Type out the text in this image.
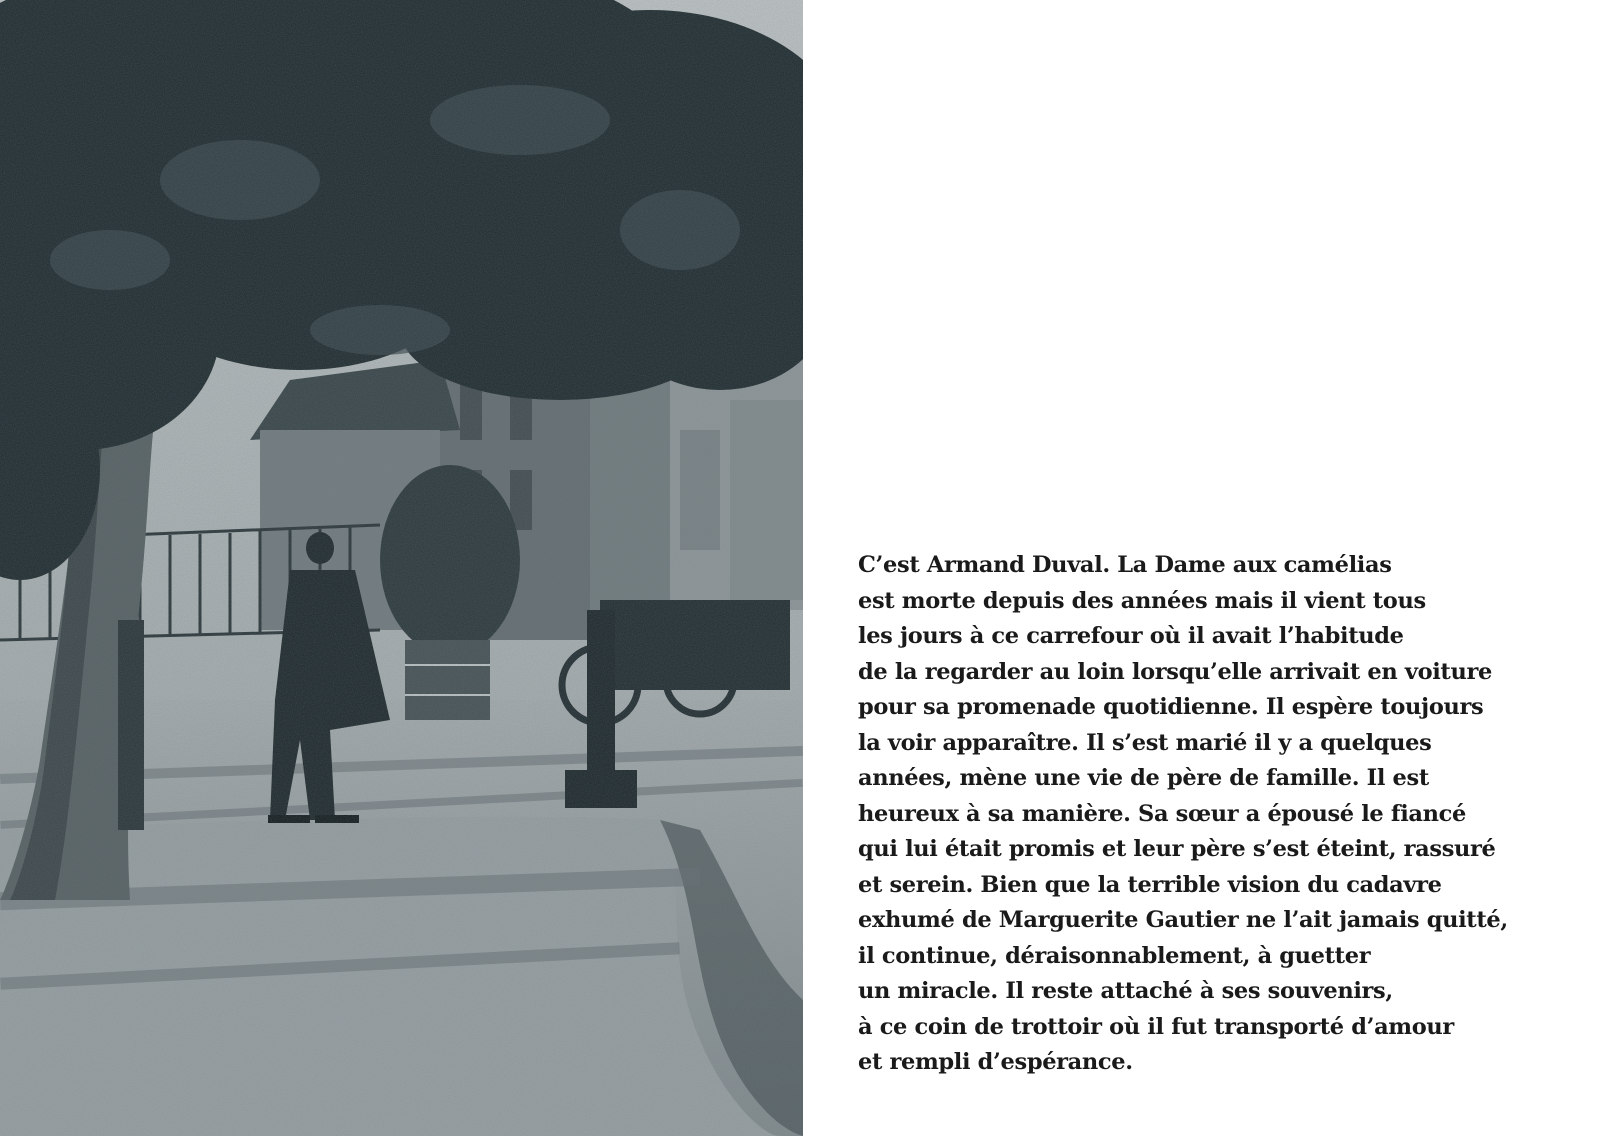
C’est Armand Duval. La Dame aux camélias
est morte depuis des années mais il vient tous
les jours à ce carrefour où il avait l’habitude
de la regarder au loin lorsqu’elle arrivait en voiture
pour sa promenade quotidienne. Il espère toujours
la voir apparaître. Il s’est marié il y a quelques
années, mène une vie de père de famille. Il est
heureux à sa manière. Sa sœur a épousé le fiancé
qui lui était promis et leur père s’est éteint, rassuré
et serein. Bien que la terrible vision du cadavre
exhumé de Marguerite Gautier ne l’ait jamais quitté,
il continue, déraisonnablement, à guetter
un miracle. Il reste attaché à ses souvenirs,
à ce coin de trottoir où il fut transporté d’amour
et rempli d’espérance.
